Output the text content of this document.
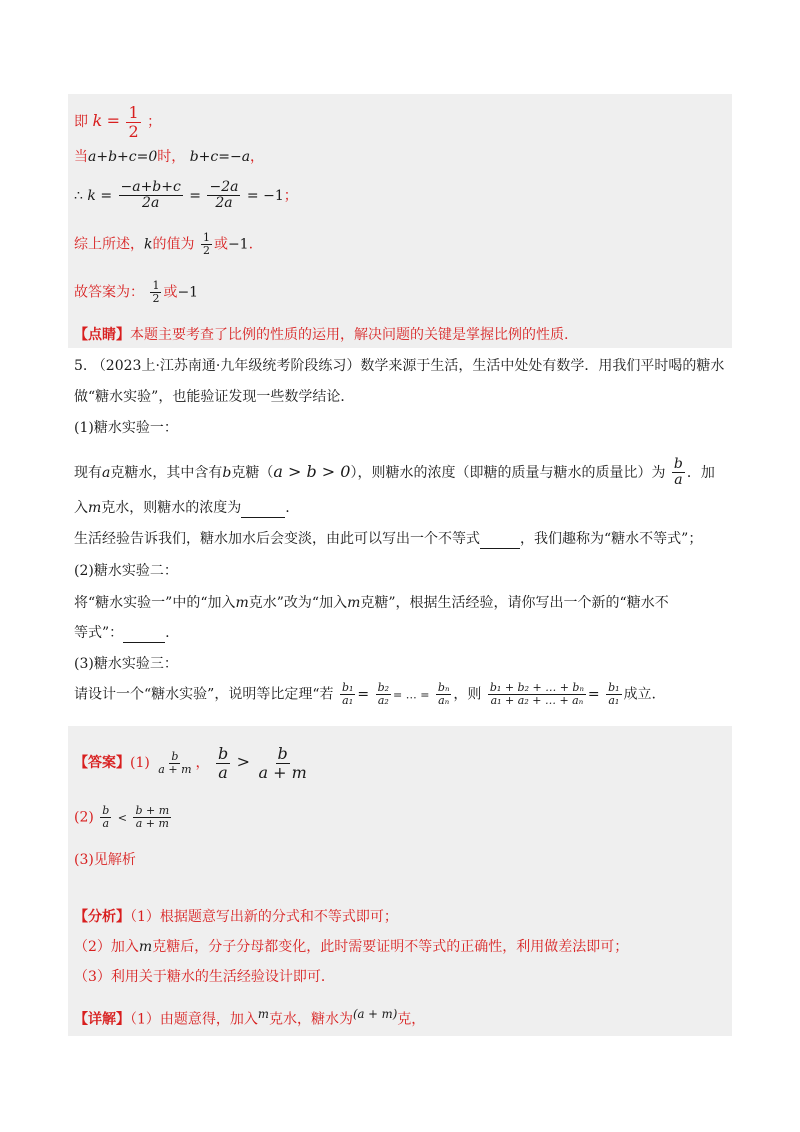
即 $k = \frac{1}{2}$ ；
当a+b+c=0时， b+c=−a，
∴ $k = \frac{-a+b+c}{2a} = \frac{-2a}{2a} = -1$；
综上所述，k的值为 $\frac{1}{2}$ 或−1.
故答案为： $\frac{1}{2}$ 或−1
【点睛】本题主要考查了比例的性质的运用，解决问题的关键是掌握比例的性质.
5. （2023上·江苏南通·九年级统考阶段练习）数学来源于生活，生活中处处有数学．用我们平时喝的糖水
做“糖水实验”，也能验证发现一些数学结论．
(1)糖水实验一：
现有a克糖水，其中含有b克糖（a > b > 0），则糖水的浓度（即糖的质量与糖水的质量比）为 $\frac{b}{a}$ ．加
入m克水，则糖水的浓度为	.
生活经验告诉我们，糖水加水后会变淡，由此可以写出一个不等式	，我们趣称为“糖水不等式”；
(2)糖水实验二：
将“糖水实验一”中的“加入m克水”改为“加入m克糖”，根据生活经验，请你写出一个新的“糖水不
等式”：	.
(3)糖水实验三：
请设计一个“糖水实验”，说明等比定理“若 $\frac{\text{b₁}}{\text{a₁}} = \frac{\text{b₂}}{\text{a₂}}$ = … = $\frac{\text{bₙ}}{\text{aₙ}}$ ，则 $\frac{\text{b₁ + b₂ + … + bₙ}}{\text{a₁ + a₂ + … + aₙ}} = \frac{\text{b₁}}{\text{a₁}}$ 成立.
【答案】$(1) \frac{b}{a + m}$ ， $\frac{b}{a} > \frac{b}{a + m}$
$(2) \frac{b}{a} < \frac{b + m}{a + m}$
(3)见解析
【分析】（1）根据题意写出新的分式和不等式即可；
（2）加入m克糖后，分子分母都变化，此时需要证明不等式的正确性，利用做差法即可；
（3）利用关于糖水的生活经验设计即可．
【详解】（1）由题意得，加入$^m$克水，糖水为$^{(a + m)}$克，
